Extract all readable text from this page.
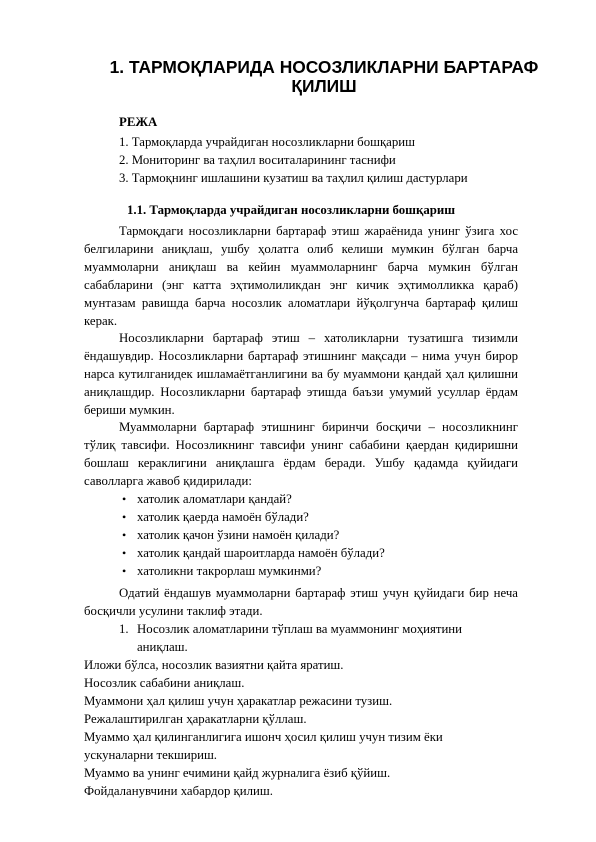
1. ТАРМОҚЛАРИДА НОСОЗЛИКЛАРНИ БАРТАРАФ
ҚИЛИШ
РЕЖА
1. Тармоқларда учрайдиган носозликларни бошқариш
2. Мониторинг ва таҳлил воситаларининг таснифи
3. Тармоқнинг ишлашини кузатиш ва таҳлил қилиш дастурлари
1.1. Тармоқларда учрайдиган носозликларни бошқариш
Тармоқдаги носозликларни бартараф этиш жараёнида унинг ўзига хос
белгиларини аниқлаш, ушбу ҳолатга олиб келиши мумкин бўлган барча
муаммоларни аниқлаш ва кейин муаммоларнинг барча мумкин бўлган
сабабларини (энг катта эҳтимолиликдан энг кичик эҳтимолликка қараб)
мунтазам равишда барча носозлик аломатлари йўқолгунча бартараф қилиш
керак.
Носозликларни бартараф этиш – хатоликларни тузатишга тизимли
ёндашувдир. Носозликларни бартараф этишнинг мақсади – нима учун бирор
нарса кутилганидек ишламаётганлигини ва бу муаммони қандай ҳал қилишни
аниқлашдир. Носозликларни бартараф этишда баъзи умумий усуллар ёрдам
бериши мумкин.
Муаммоларни бартараф этишнинг биринчи босқичи – носозликнинг
тўлиқ тавсифи. Носозликнинг тавсифи унинг сабабини қаердан қидиришни
бошлаш кераклигини аниқлашга ёрдам беради. Ушбу қадамда қуйидаги
саволларга жавоб қидирилади:
• хатолик аломатлари қандай?
• хатолик қаерда намоён бўлади?
• хатолик қачон ўзини намоён қилади?
• хатолик қандай шароитларда намоён бўлади?
• хатоликни такрорлаш мумкинми?
Одатий ёндашув муаммоларни бартараф этиш учун қуйидаги бир неча
босқичли усулини таклиф этади.
1. Носозлик аломатларини тўплаш ва муаммонинг моҳиятини
аниқлаш.
Иложи бўлса, носозлик вазиятни қайта яратиш.
Носозлик сабабини аниқлаш.
Муаммони ҳал қилиш учун ҳаракатлар режасини тузиш.
Режалаштирилган ҳаракатларни қўллаш.
Муаммо ҳал қилинганлигига ишонч ҳосил қилиш учун тизим ёки
ускуналарни текшириш.
Муаммо ва унинг ечимини қайд журналига ёзиб қўйиш.
Фойдаланувчини хабардор қилиш.
